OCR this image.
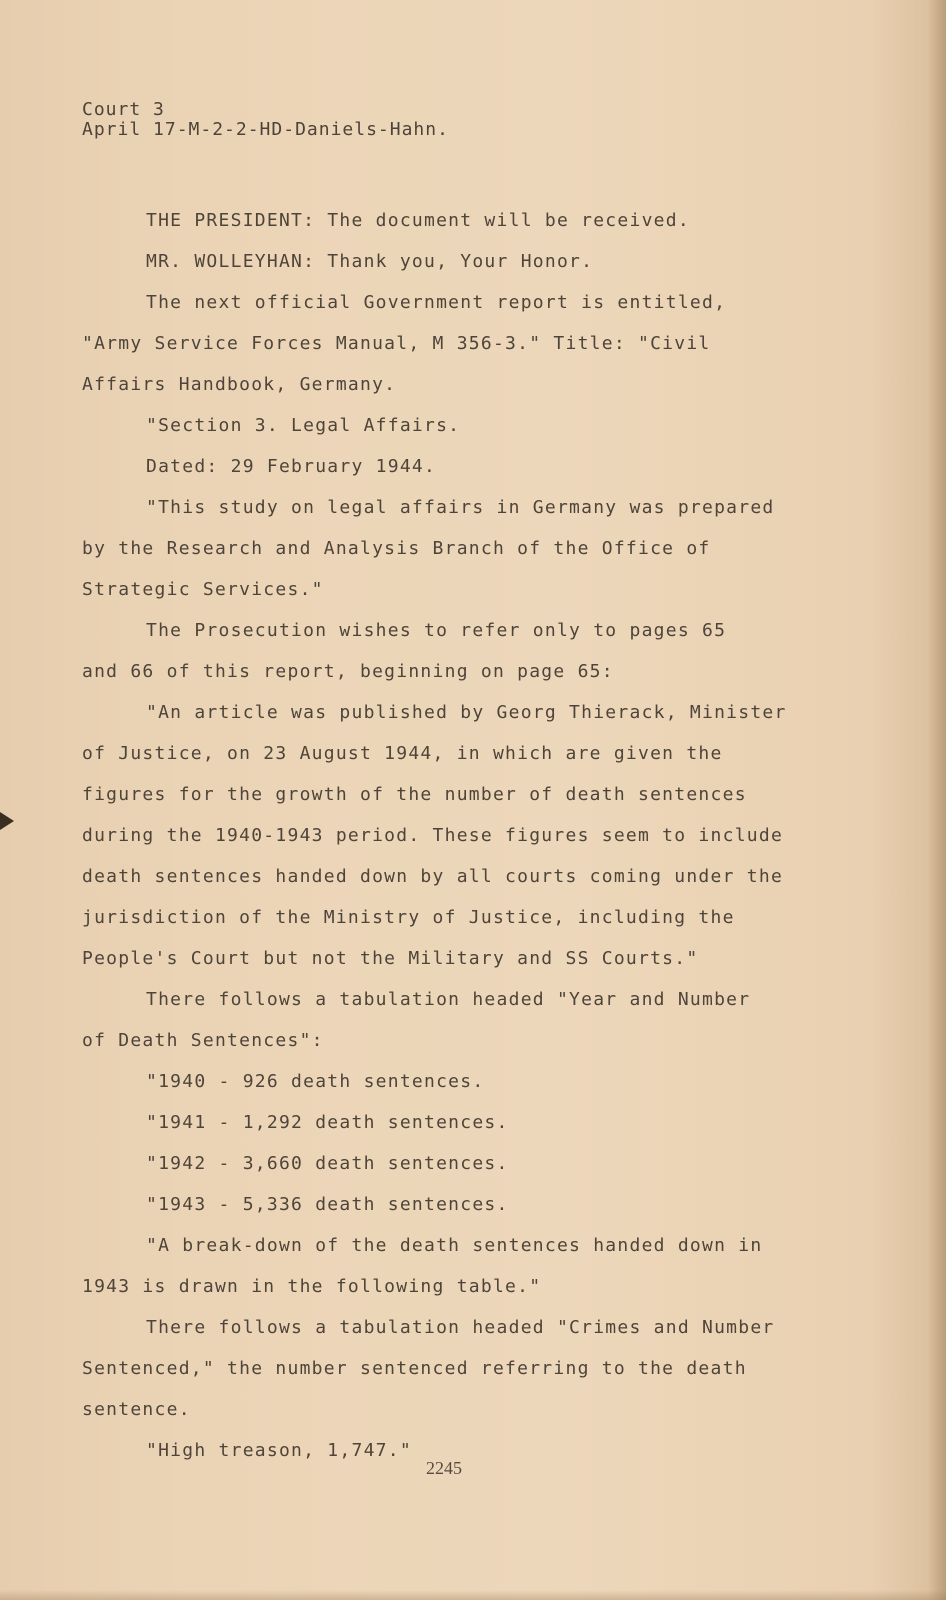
Court 3
April 17-M-2-2-HD-Daniels-Hahn.
THE PRESIDENT: The document will be received.
MR. WOLLEYHAN: Thank you, Your Honor.
The next official Government report is entitled,
"Army Service Forces Manual, M 356-3." Title: "Civil
Affairs Handbook, Germany.
"Section 3. Legal Affairs.
Dated: 29 February 1944.
"This study on legal affairs in Germany was prepared
by the Research and Analysis Branch of the Office of
Strategic Services."
The Prosecution wishes to refer only to pages 65
and 66 of this report, beginning on page 65:
"An article was published by Georg Thierack, Minister
of Justice, on 23 August 1944, in which are given the
figures for the growth of the number of death sentences
during the 1940-1943 period. These figures seem to include
death sentences handed down by all courts coming under the
jurisdiction of the Ministry of Justice, including the
People's Court but not the Military and SS Courts."
There follows a tabulation headed "Year and Number
of Death Sentences":
"1940 - 926 death sentences.
"1941 - 1,292 death sentences.
"1942 - 3,660 death sentences.
"1943 - 5,336 death sentences.
"A break-down of the death sentences handed down in
1943 is drawn in the following table."
There follows a tabulation headed "Crimes and Number
Sentenced," the number sentenced referring to the death
sentence.
"High treason, 1,747."
2245
